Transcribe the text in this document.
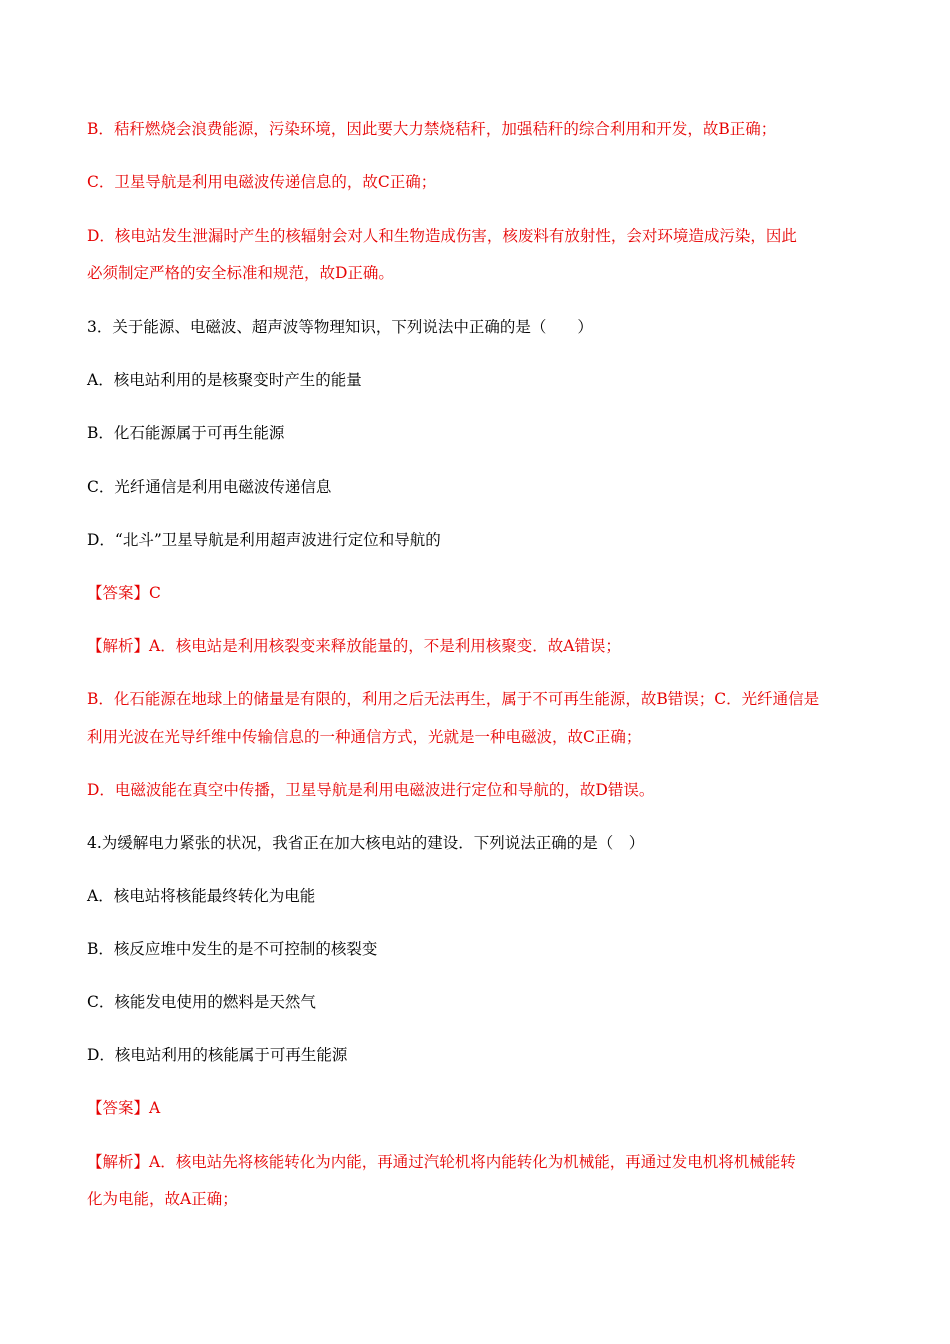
B．秸秆燃烧会浪费能源，污染环境，因此要大力禁烧秸秆，加强秸秆的综合利用和开发，故B正确；
C．卫星导航是利用电磁波传递信息的，故C正确；
D．核电站发生泄漏时产生的核辐射会对人和生物造成伤害，核废料有放射性，会对环境造成污染，因此
必须制定严格的安全标准和规范，故D正确。
3．关于能源、电磁波、超声波等物理知识，下列说法中正确的是（　　）
A．核电站利用的是核聚变时产生的能量
B．化石能源属于可再生能源
C．光纤通信是利用电磁波传递信息
D．“北斗”卫星导航是利用超声波进行定位和导航的
【答案】C
【解析】A．核电站是利用核裂变来释放能量的，不是利用核聚变．故A错误；
B．化石能源在地球上的储量是有限的，利用之后无法再生，属于不可再生能源，故B错误；C．光纤通信是
利用光波在光导纤维中传输信息的一种通信方式，光就是一种电磁波，故C正确；
D．电磁波能在真空中传播，卫星导航是利用电磁波进行定位和导航的，故D错误。
4.为缓解电力紧张的状况，我省正在加大核电站的建设．下列说法正确的是（　）
A．核电站将核能最终转化为电能
B．核反应堆中发生的是不可控制的核裂变
C．核能发电使用的燃料是天然气
D．核电站利用的核能属于可再生能源
【答案】A
【解析】A．核电站先将核能转化为内能，再通过汽轮机将内能转化为机械能，再通过发电机将机械能转
化为电能，故A正确；
